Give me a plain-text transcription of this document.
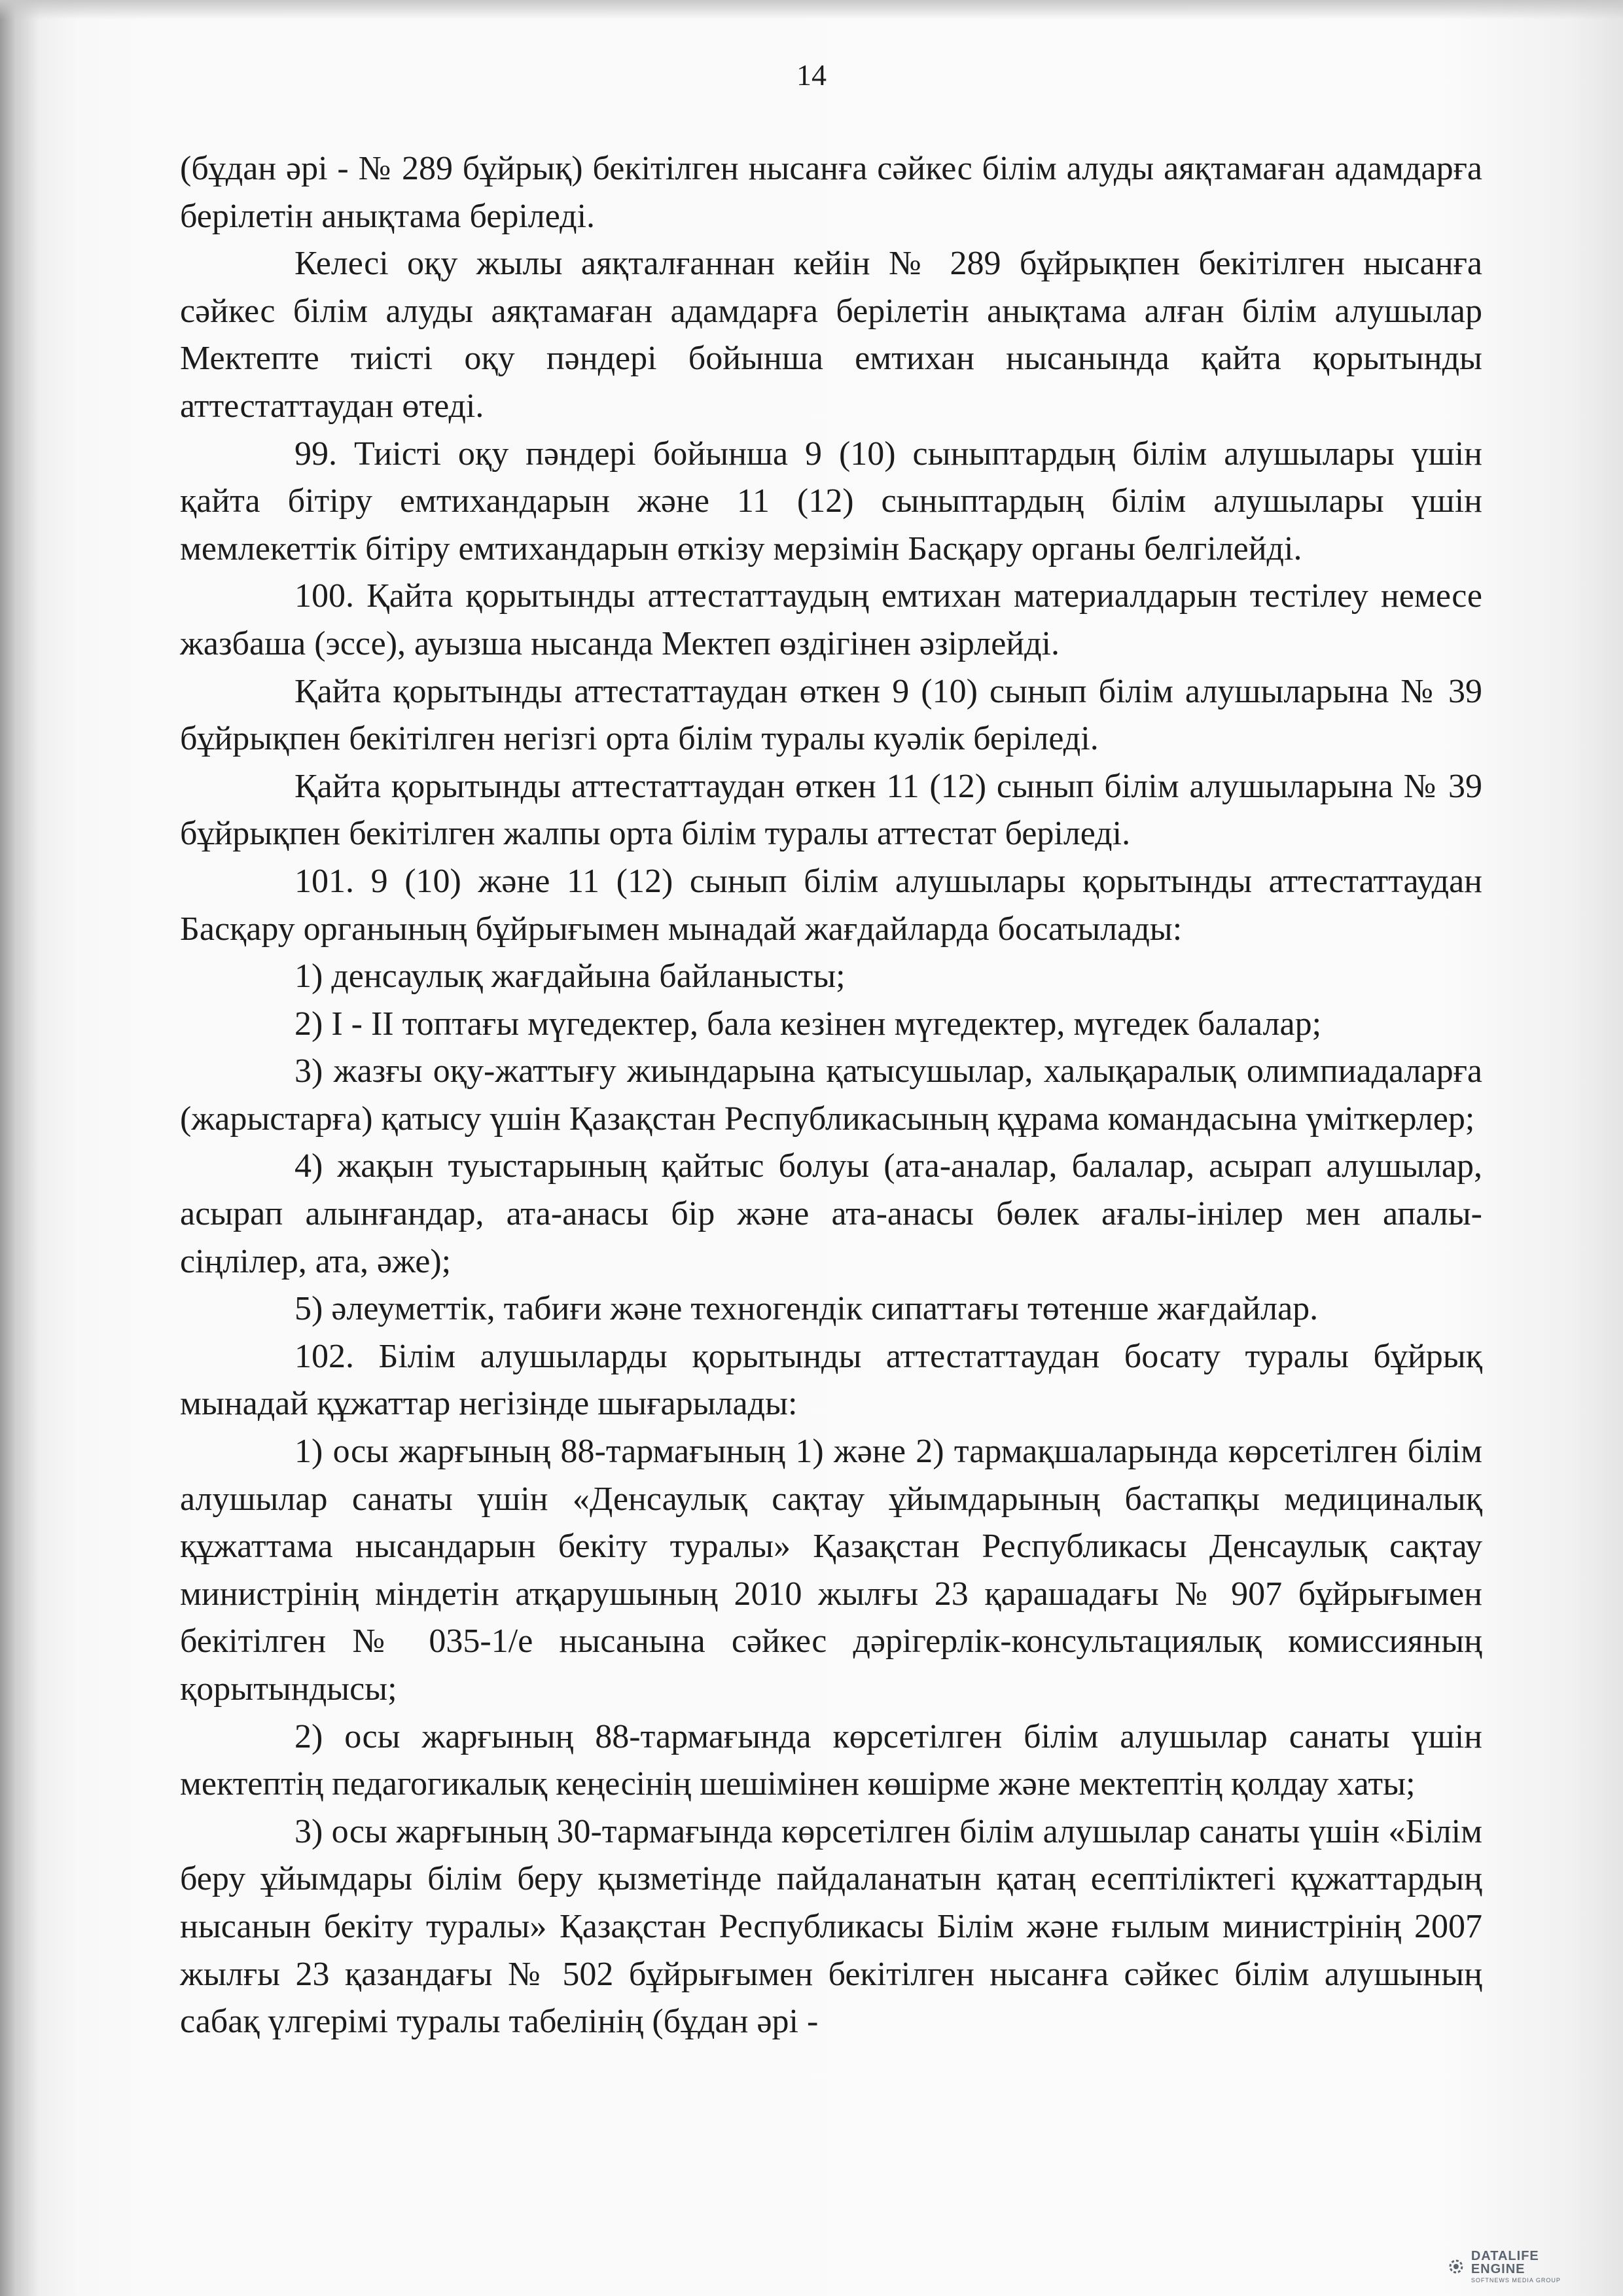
14

(бұдан әрі - № 289 бұйрық) бекітілген нысанға сәйкес білім алуды аяқтамаған адамдарға берілетін анықтама беріледі.

Келесі оқу жылы аяқталғаннан кейін № 289 бұйрықпен бекітілген нысанға сәйкес білім алуды аяқтамаған адамдарға берілетін анықтама алған білім алушылар Мектепте тиісті оқу пәндері бойынша емтихан нысанында қайта қорытынды аттестаттаудан өтеді.

99. Тиісті оқу пәндері бойынша 9 (10) сыныптардың білім алушылары үшін қайта бітіру емтихандарын және 11 (12) сыныптардың білім алушылары үшін мемлекеттік бітіру емтихандарын өткізу мерзімін Басқару органы белгілейді.

100. Қайта қорытынды аттестаттаудың емтихан материалдарын тестілеу немесе жазбаша (эссе), ауызша нысанда Мектеп өздігінен әзірлейді.

Қайта қорытынды аттестаттаудан өткен 9 (10) сынып білім алушыларына № 39 бұйрықпен бекітілген негізгі орта білім туралы куәлік беріледі.

Қайта қорытынды аттестаттаудан өткен 11 (12) сынып білім алушыларына № 39 бұйрықпен бекітілген жалпы орта білім туралы аттестат беріледі.

101. 9 (10) және 11 (12) сынып білім алушылары қорытынды аттестаттаудан Басқару органының бұйрығымен мынадай жағдайларда босатылады:

1) денсаулық жағдайына байланысты;

2) I - II топтағы мүгедектер, бала кезінен мүгедектер, мүгедек балалар;

3) жазғы оқу-жаттығу жиындарына қатысушылар, халықаралық олимпиадаларға (жарыстарға) қатысу үшін Қазақстан Республикасының құрама командасына үміткерлер;

4) жақын туыстарының қайтыс болуы (ата-аналар, балалар, асырап алушылар, асырап алынғандар, ата-анасы бір және ата-анасы бөлек ағалы-інілер мен апалы-сіңлілер, ата, әже);

5) әлеуметтік, табиғи және техногендік сипаттағы төтенше жағдайлар.

102. Білім алушыларды қорытынды аттестаттаудан босату туралы бұйрық мынадай құжаттар негізінде шығарылады:

1) осы жарғының 88-тармағының 1) және 2) тармақшаларында көрсетілген білім алушылар санаты үшін «Денсаулық сақтау ұйымдарының бастапқы медициналық құжаттама нысандарын бекіту туралы» Қазақстан Республикасы Денсаулық сақтау министрінің міндетін атқарушының 2010 жылғы 23 қарашадағы № 907 бұйрығымен бекітілген № 035-1/е нысанына сәйкес дәрігерлік-консультациялық комиссияның қорытындысы;

2) осы жарғының 88-тармағында көрсетілген білім алушылар санаты үшін мектептің педагогикалық кеңесінің шешімінен көшірме және мектептің қолдау хаты;

3) осы жарғының 30-тармағында көрсетілген білім алушылар санаты үшін «Білім беру ұйымдары білім беру қызметінде пайдаланатын қатаң есептіліктегі құжаттардың нысанын бекіту туралы» Қазақстан Республикасы Білім және ғылым министрінің 2007 жылғы 23 қазандағы № 502 бұйрығымен бекітілген нысанға сәйкес білім алушының сабақ үлгерімі туралы табелінің (бұдан әрі -

DATALIFE ENGINE
SOFTNEWS MEDIA GROUP
